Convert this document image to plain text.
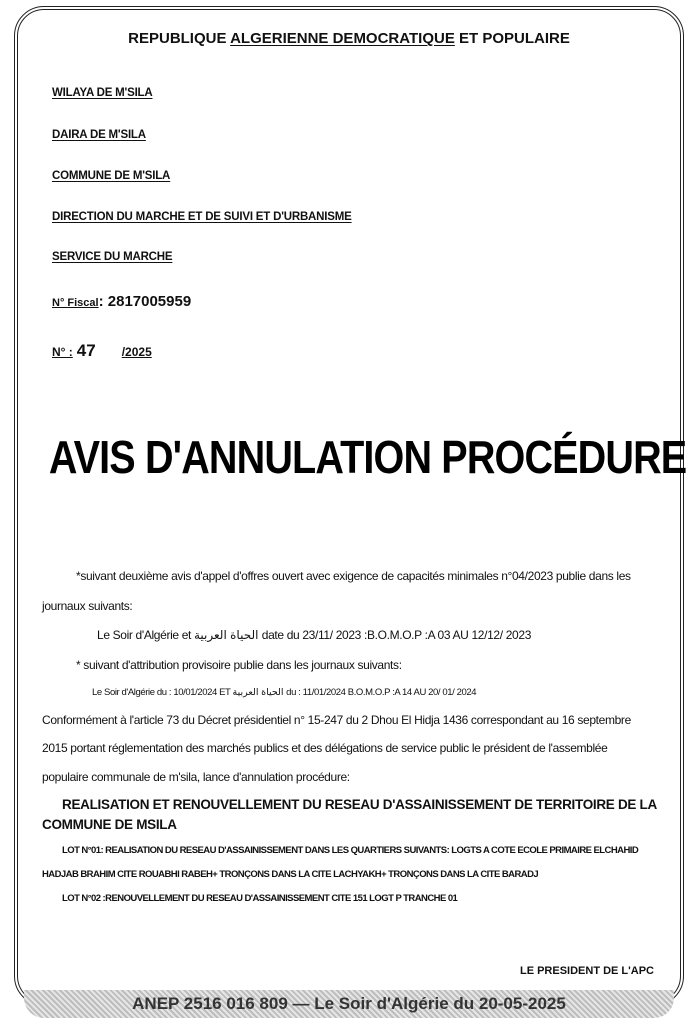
REPUBLIQUE ALGERIENNE DEMOCRATIQUE ET POPULAIRE
WILAYA DE M'SILA
DAIRA DE M'SILA
COMMUNE DE M'SILA
DIRECTION DU MARCHE ET DE SUIVI ET D'URBANISME
SERVICE DU MARCHE
N° Fiscal: 2817005959
N° : 47 /2025
AVIS D'ANNULATION PROCÉDURE
*suivant deuxième avis d'appel d'offres ouvert avec exigence de capacités minimales n°04/2023 publie dans les
journaux suivants:
Le Soir d'Algérie et الحياة العربية date du 23/11/ 2023 :B.O.M.O.P :A 03 AU 12/12/ 2023
* suivant d'attribution provisoire publie dans les journaux suivants:
Le Soir d'Algérie du : 10/01/2024 ET الحياة العربية du : 11/01/2024 B.O.M.O.P :A 14 AU 20/ 01/ 2024
Conformément à l'article 73 du Décret présidentiel n° 15-247 du 2 Dhou El Hidja 1436 correspondant au 16 septembre
2015 portant réglementation des marchés publics et des délégations de service public le président de l'assemblée
populaire communale de m'sila, lance d'annulation procédure:
REALISATION ET RENOUVELLEMENT DU RESEAU D'ASSAINISSEMENT DE TERRITOIRE DE LA
COMMUNE DE MSILA
LOT N°01: REALISATION DU RESEAU D'ASSAINISSEMENT DANS LES QUARTIERS SUIVANTS: LOGTS A COTE ECOLE PRIMAIRE ELCHAHID
HADJAB BRAHIM CITE ROUABHI RABEH+ TRONÇONS DANS LA CITE LACHYAKH+ TRONÇONS DANS LA CITE BARADJ
LOT N°02 :RENOUVELLEMENT DU RESEAU D'ASSAINISSEMENT CITE 151 LOGT P TRANCHE 01
LE PRESIDENT DE L'APC
ANEP 2516 016 809 — Le Soir d'Algérie du 20-05-2025
